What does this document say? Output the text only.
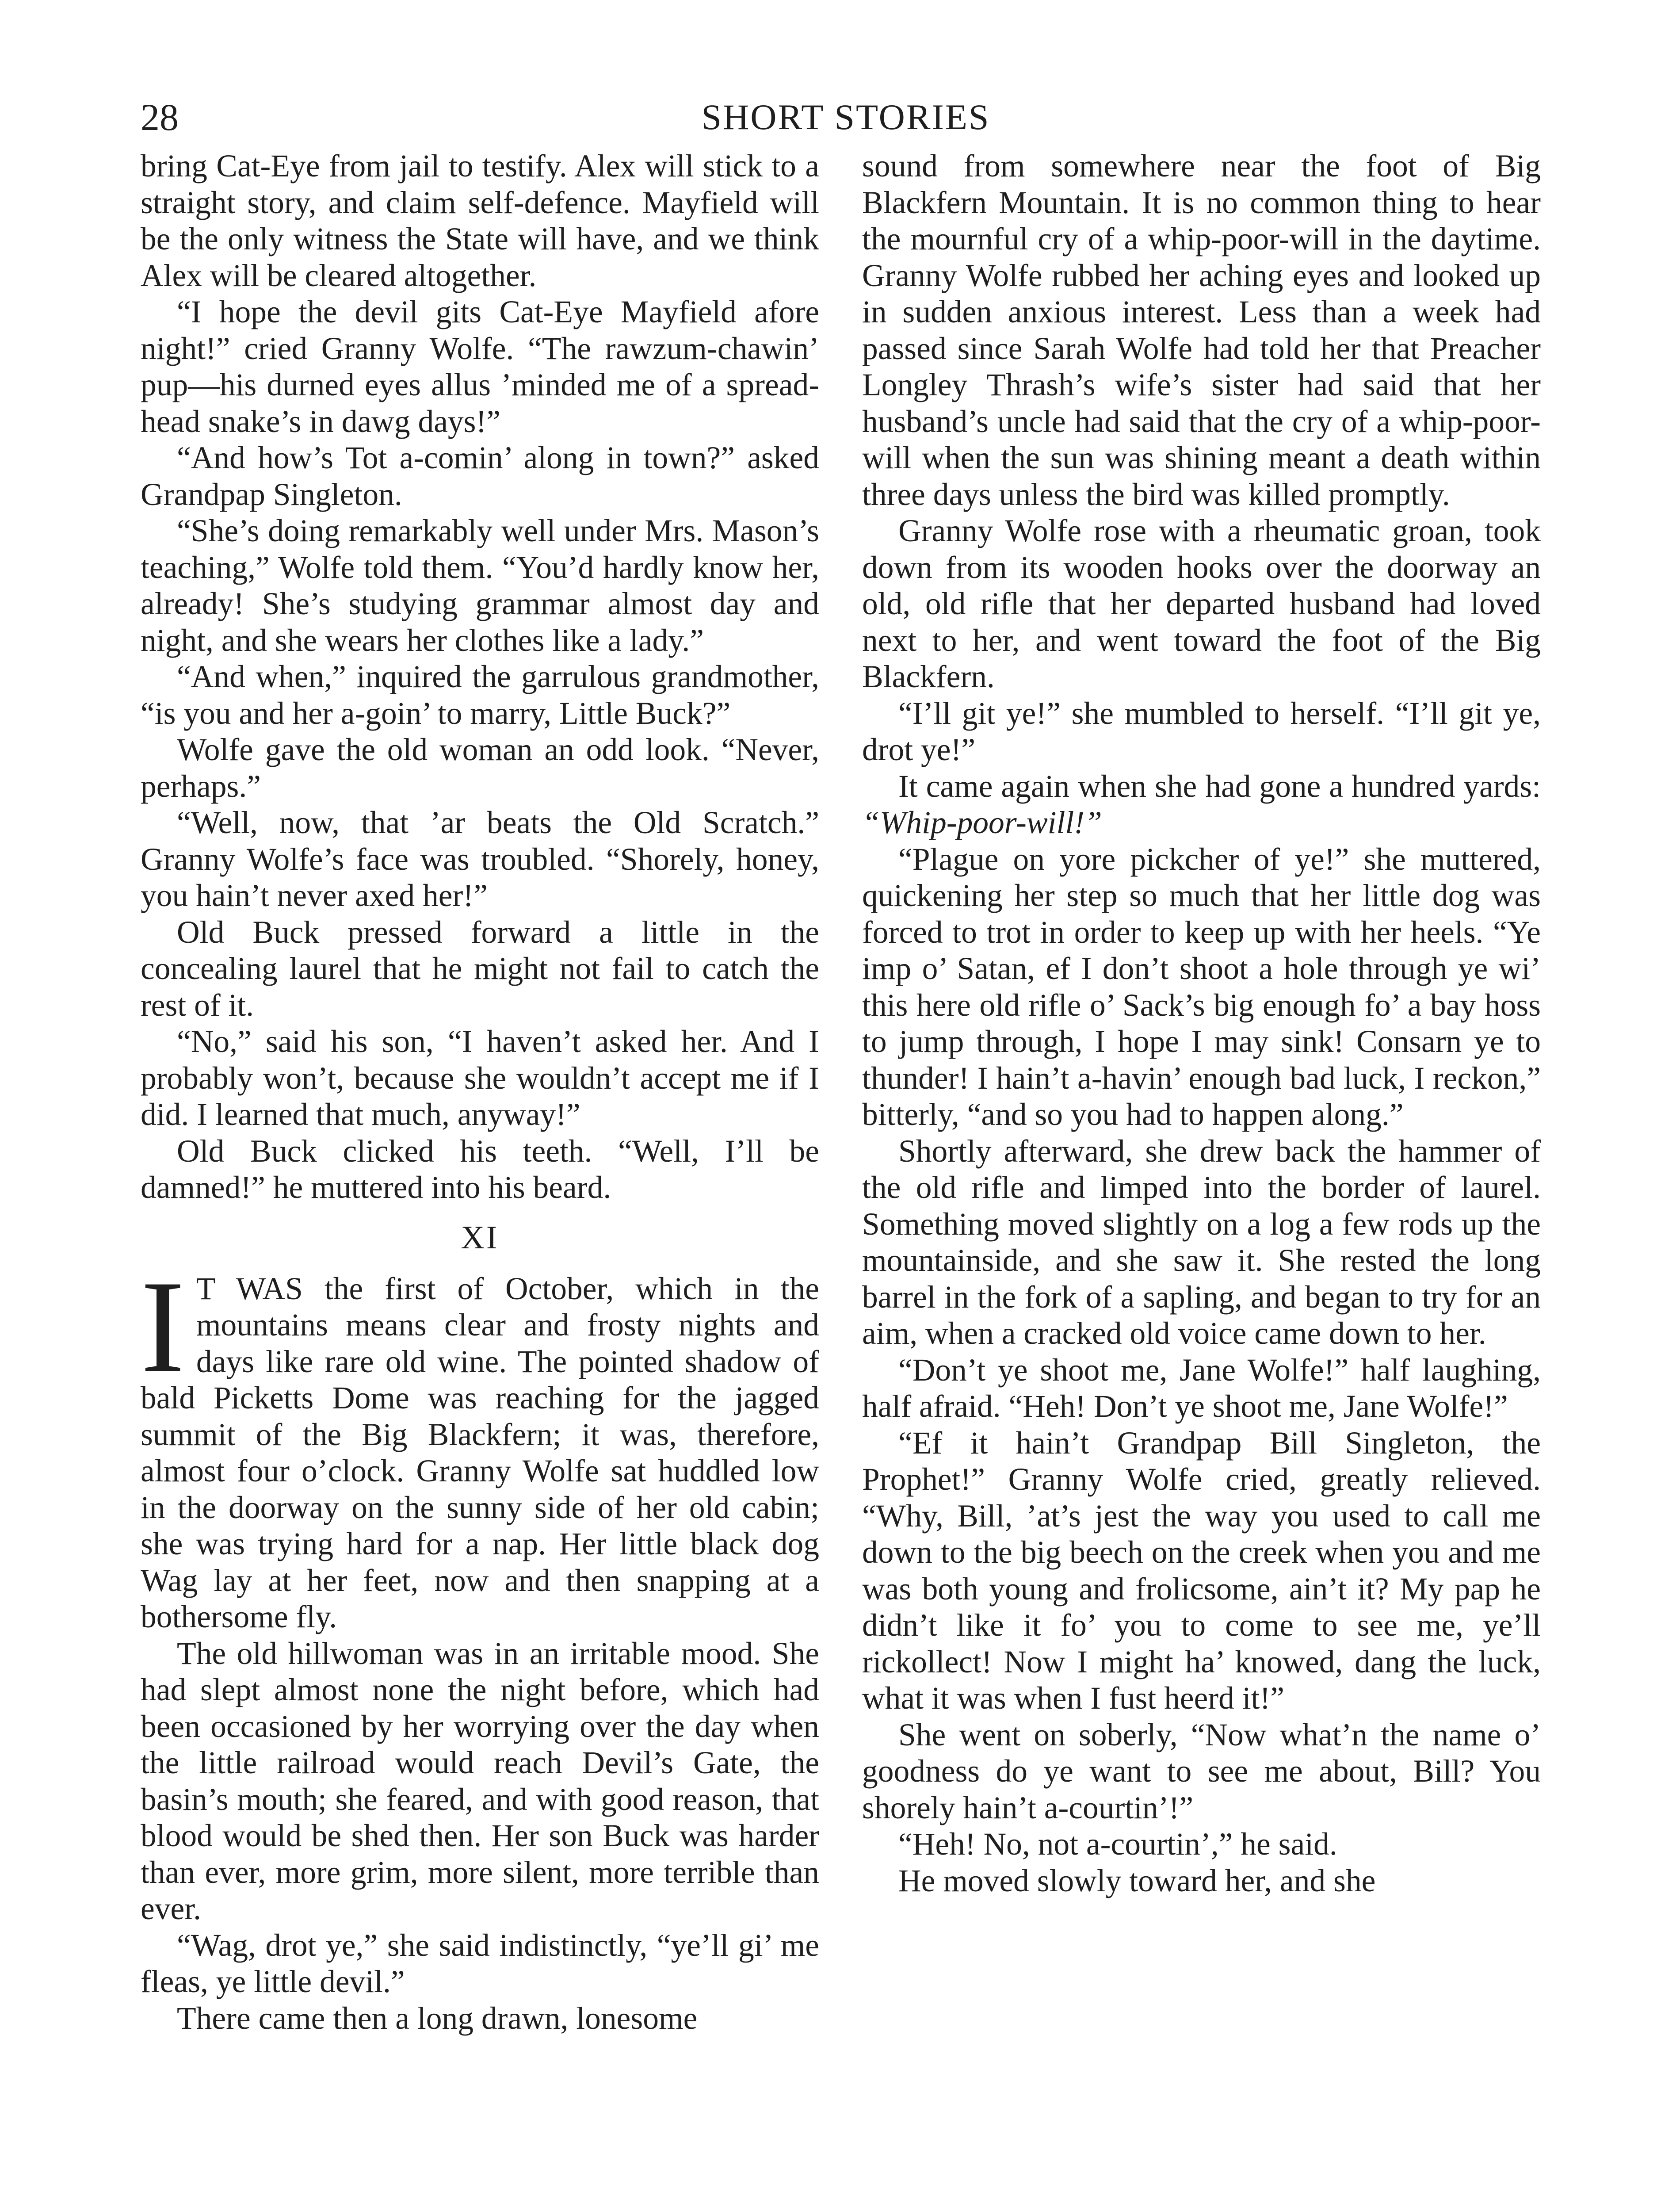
28	SHORT STORIES

bring Cat-Eye from jail to testify. Alex will stick to a straight story, and claim self-defence. Mayfield will be the only witness the State will have, and we think Alex will be cleared altogether.

“I hope the devil gits Cat-Eye Mayfield afore night!” cried Granny Wolfe. “The rawzum-chawin’ pup—his durned eyes allus ’minded me of a spread-head snake’s in dawg days!”

“And how’s Tot a-comin’ along in town?” asked Grandpap Singleton.

“She’s doing remarkably well under Mrs. Mason’s teaching,” Wolfe told them. “You’d hardly know her, already! She’s studying grammar almost day and night, and she wears her clothes like a lady.”

“And when,” inquired the garrulous grandmother, “is you and her a-goin’ to marry, Little Buck?”

Wolfe gave the old woman an odd look. “Never, perhaps.”

“Well, now, that ’ar beats the Old Scratch.” Granny Wolfe’s face was troubled. “Shorely, honey, you hain’t never axed her!”

Old Buck pressed forward a little in the concealing laurel that he might not fail to catch the rest of it.

“No,” said his son, “I haven’t asked her. And I probably won’t, because she wouldn’t accept me if I did. I learned that much, anyway!”

Old Buck clicked his teeth. “Well, I’ll be damned!” he muttered into his beard.

XI

I T WAS the first of October, which in the mountains means clear and frosty nights and days like rare old wine. The pointed shadow of bald Picketts Dome was reaching for the jagged summit of the Big Blackfern; it was, therefore, almost four o’clock. Granny Wolfe sat huddled low in the doorway on the sunny side of her old cabin; she was trying hard for a nap. Her little black dog Wag lay at her feet, now and then snapping at a bothersome fly.

The old hillwoman was in an irritable mood. She had slept almost none the night before, which had been occasioned by her worrying over the day when the little railroad would reach Devil’s Gate, the basin’s mouth; she feared, and with good reason, that blood would be shed then. Her son Buck was harder than ever, more grim, more silent, more terrible than ever.

“Wag, drot ye,” she said indistinctly, “ye’ll gi’ me fleas, ye little devil.”

There came then a long drawn, lonesome

sound from somewhere near the foot of Big Blackfern Mountain. It is no common thing to hear the mournful cry of a whip-poor-will in the daytime. Granny Wolfe rubbed her aching eyes and looked up in sudden anxious interest. Less than a week had passed since Sarah Wolfe had told her that Preacher Longley Thrash’s wife’s sister had said that her husband’s uncle had said that the cry of a whip-poor-will when the sun was shining meant a death within three days unless the bird was killed promptly.

Granny Wolfe rose with a rheumatic groan, took down from its wooden hooks over the doorway an old, old rifle that her departed husband had loved next to her, and went toward the foot of the Big Blackfern.

“I’ll git ye!” she mumbled to herself. “I’ll git ye, drot ye!”

It came again when she had gone a hundred yards: “Whip-poor-will!”

“Plague on yore pickcher of ye!” she muttered, quickening her step so much that her little dog was forced to trot in order to keep up with her heels. “Ye imp o’ Satan, ef I don’t shoot a hole through ye wi’ this here old rifle o’ Sack’s big enough fo’ a bay hoss to jump through, I hope I may sink! Consarn ye to thunder! I hain’t a-havin’ enough bad luck, I reckon,” bitterly, “and so you had to happen along.”

Shortly afterward, she drew back the hammer of the old rifle and limped into the border of laurel. Something moved slightly on a log a few rods up the mountainside, and she saw it. She rested the long barrel in the fork of a sapling, and began to try for an aim, when a cracked old voice came down to her.

“Don’t ye shoot me, Jane Wolfe!” half laughing, half afraid. “Heh! Don’t ye shoot me, Jane Wolfe!”

“Ef it hain’t Grandpap Bill Singleton, the Prophet!” Granny Wolfe cried, greatly relieved. “Why, Bill, ’at’s jest the way you used to call me down to the big beech on the creek when you and me was both young and frolicsome, ain’t it? My pap he didn’t like it fo’ you to come to see me, ye’ll rickollect! Now I might ha’ knowed, dang the luck, what it was when I fust heerd it!”

She went on soberly, “Now what’n the name o’ goodness do ye want to see me about, Bill? You shorely hain’t a-courtin’!”

“Heh! No, not a-courtin’,” he said.

He moved slowly toward her, and she
